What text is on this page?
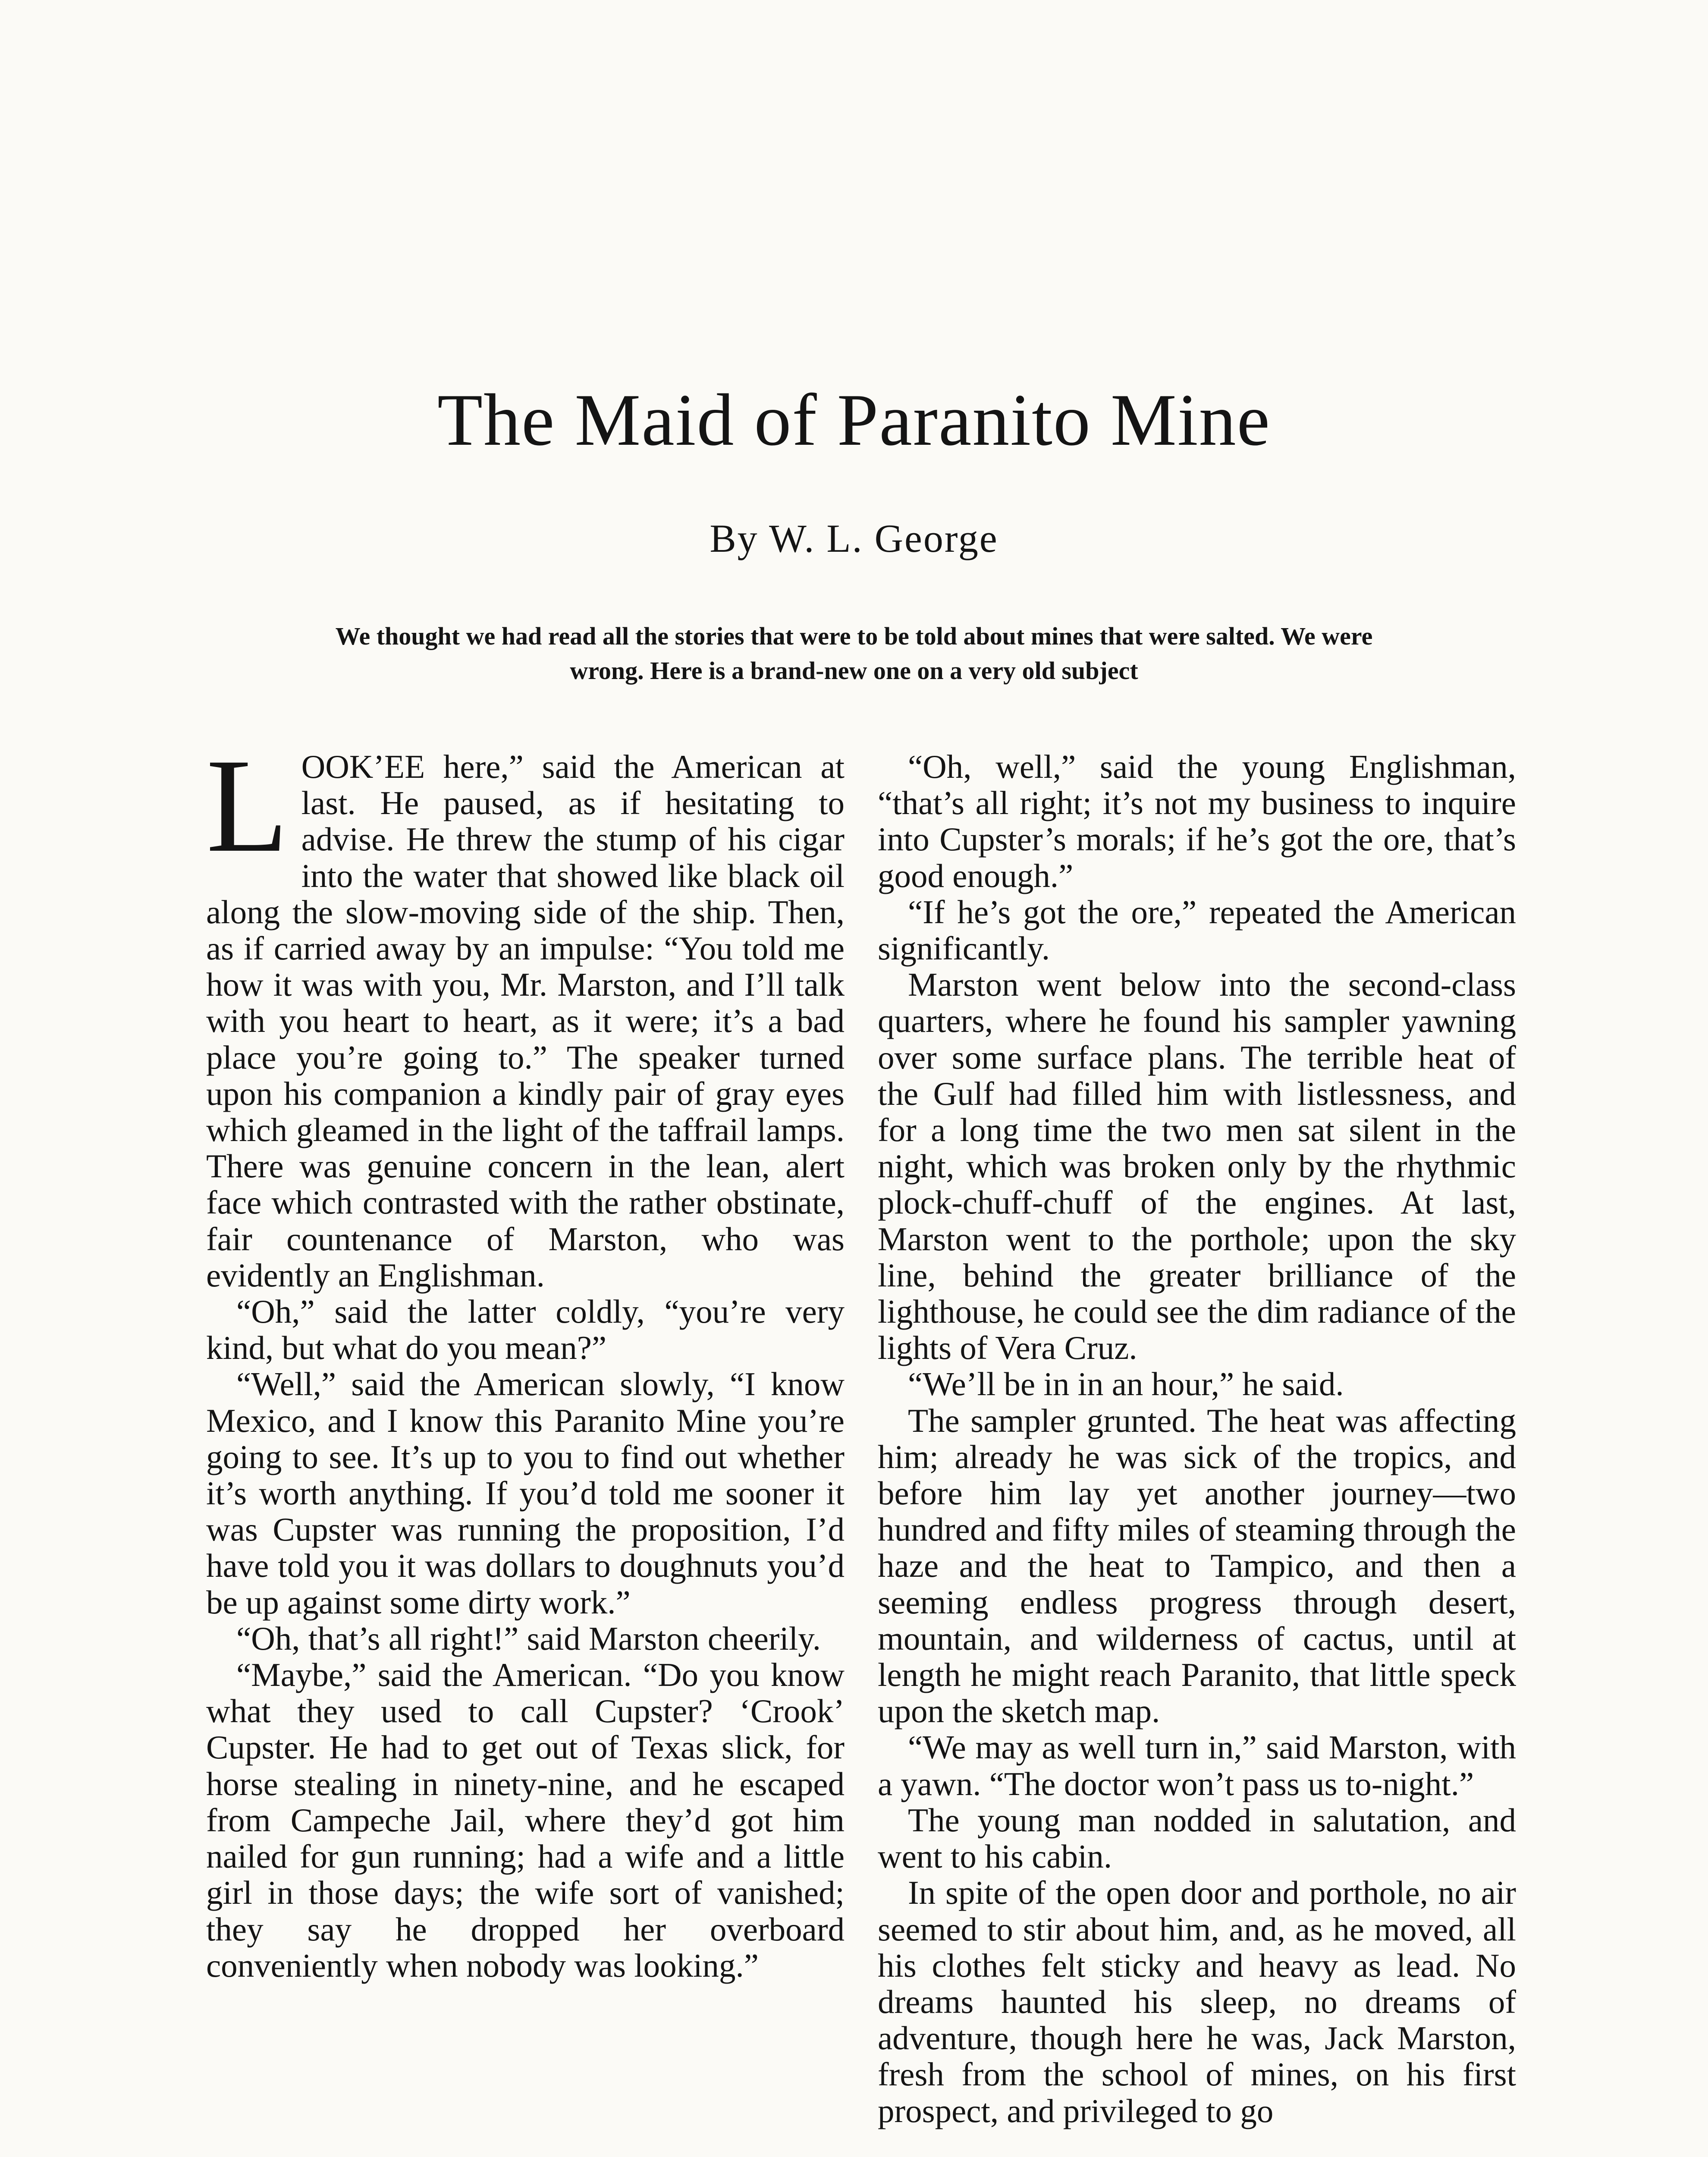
The Maid of Paranito Mine
By W. L. George
We thought we had read all the stories that were to be told about mines that were salted. We were wrong. Here is a brand-new one on a very old subject

LOOK’EE here,” said the American at last. He paused, as if hesitating to advise. He threw the stump of his cigar into the water that showed like black oil along the slow-moving side of the ship. Then, as if carried away by an impulse: “You told me how it was with you, Mr. Marston, and I’ll talk with you heart to heart, as it were; it’s a bad place you’re going to.” The speaker turned upon his companion a kindly pair of gray eyes which gleamed in the light of the taffrail lamps. There was genuine concern in the lean, alert face which contrasted with the rather obstinate, fair countenance of Marston, who was evidently an Englishman.

“Oh,” said the latter coldly, “you’re very kind, but what do you mean?”

“Well,” said the American slowly, “I know Mexico, and I know this Paranito Mine you’re going to see. It’s up to you to find out whether it’s worth anything. If you’d told me sooner it was Cupster was running the proposition, I’d have told you it was dollars to doughnuts you’d be up against some dirty work.”

“Oh, that’s all right!” said Marston cheerily.

“Maybe,” said the American. “Do you know what they used to call Cupster? ‘Crook’ Cupster. He had to get out of Texas slick, for horse stealing in ninety-nine, and he escaped from Campeche Jail, where they’d got him nailed for gun running; had a wife and a little girl in those days; the wife sort of vanished; they say he dropped her overboard conveniently when nobody was looking.”

“Oh, well,” said the young Englishman, “that’s all right; it’s not my business to inquire into Cupster’s morals; if he’s got the ore, that’s good enough.”

“If he’s got the ore,” repeated the American significantly.

Marston went below into the second-class quarters, where he found his sampler yawning over some surface plans. The terrible heat of the Gulf had filled him with listlessness, and for a long time the two men sat silent in the night, which was broken only by the rhythmic plock-chuff-chuff of the engines. At last, Marston went to the porthole; upon the sky line, behind the greater brilliance of the lighthouse, he could see the dim radiance of the lights of Vera Cruz.

“We’ll be in in an hour,” he said.

The sampler grunted. The heat was affecting him; already he was sick of the tropics, and before him lay yet another journey—two hundred and fifty miles of steaming through the haze and the heat to Tampico, and then a seeming endless progress through desert, mountain, and wilderness of cactus, until at length he might reach Paranito, that little speck upon the sketch map.

“We may as well turn in,” said Marston, with a yawn. “The doctor won’t pass us to-night.”

The young man nodded in salutation, and went to his cabin.

In spite of the open door and porthole, no air seemed to stir about him, and, as he moved, all his clothes felt sticky and heavy as lead. No dreams haunted his sleep, no dreams of adventure, though here he was, Jack Marston, fresh from the school of mines, on his first prospect, and privileged to go
